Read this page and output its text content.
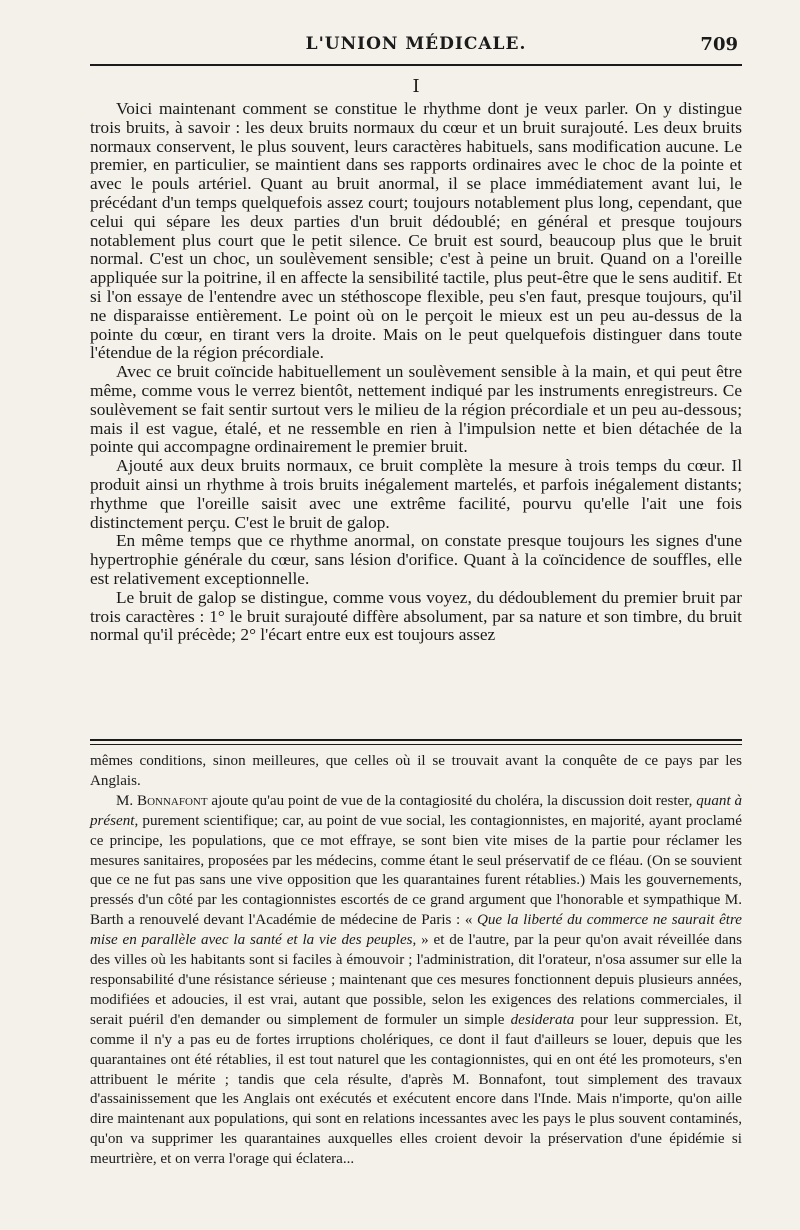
L'UNION MÉDICALE.	709
I

Voici maintenant comment se constitue le rhythme dont je veux parler. On y distingue trois bruits, à savoir : les deux bruits normaux du cœur et un bruit surajouté. Les deux bruits normaux conservent, le plus souvent, leurs caractères habituels, sans modification aucune. Le premier, en particulier, se maintient dans ses rapports ordinaires avec le choc de la pointe et avec le pouls artériel. Quant au bruit anormal, il se place immédiatement avant lui, le précédant d'un temps quelquefois assez court; toujours notablement plus long, cependant, que celui qui sépare les deux parties d'un bruit dédoublé; en général et presque toujours notablement plus court que le petit silence. Ce bruit est sourd, beaucoup plus que le bruit normal. C'est un choc, un soulèvement sensible; c'est à peine un bruit. Quand on a l'oreille appliquée sur la poitrine, il en affecte la sensibilité tactile, plus peut-être que le sens auditif. Et si l'on essaye de l'entendre avec un stéthoscope flexible, peu s'en faut, presque toujours, qu'il ne disparaisse entièrement. Le point où on le perçoit le mieux est un peu au-dessus de la pointe du cœur, en tirant vers la droite. Mais on le peut quelquefois distinguer dans toute l'étendue de la région précordiale.

Avec ce bruit coïncide habituellement un soulèvement sensible à la main, et qui peut être même, comme vous le verrez bientôt, nettement indiqué par les instruments enregistreurs. Ce soulèvement se fait sentir surtout vers le milieu de la région précordiale et un peu au-dessous; mais il est vague, étalé, et ne ressemble en rien à l'impulsion nette et bien détachée de la pointe qui accompagne ordinairement le premier bruit.

Ajouté aux deux bruits normaux, ce bruit complète la mesure à trois temps du cœur. Il produit ainsi un rhythme à trois bruits inégalement martelés, et parfois inégalement distants; rhythme que l'oreille saisit avec une extrême facilité, pourvu qu'elle l'ait une fois distinctement perçu. C'est le bruit de galop.

En même temps que ce rhythme anormal, on constate presque toujours les signes d'une hypertrophie générale du cœur, sans lésion d'orifice. Quant à la coïncidence de souffles, elle est relativement exceptionnelle.

Le bruit de galop se distingue, comme vous voyez, du dédoublement du premier bruit par trois caractères : 1° le bruit surajouté diffère absolument, par sa nature et son timbre, du bruit normal qu'il précède; 2° l'écart entre eux est toujours assez

mêmes conditions, sinon meilleures, que celles où il se trouvait avant la conquête de ce pays par les Anglais.

M. Bonnafont ajoute qu'au point de vue de la contagiosité du choléra, la discussion doit rester, quant à présent, purement scientifique; car, au point de vue social, les contagionnistes, en majorité, ayant proclamé ce principe, les populations, que ce mot effraye, se sont bien vite mises de la partie pour réclamer les mesures sanitaires, proposées par les médecins, comme étant le seul préservatif de ce fléau. (On se souvient que ce ne fut pas sans une vive opposition que les quarantaines furent rétablies.) Mais les gouvernements, pressés d'un côté par les contagionnistes escortés de ce grand argument que l'honorable et sympathique M. Barth a renouvelé devant l'Académie de médecine de Paris : « Que la liberté du commerce ne saurait être mise en parallèle avec la santé et la vie des peuples, » et de l'autre, par la peur qu'on avait réveillée dans des villes où les habitants sont si faciles à émouvoir ; l'administration, dit l'orateur, n'osa assumer sur elle la responsabilité d'une résistance sérieuse ; maintenant que ces mesures fonctionnent depuis plusieurs années, modifiées et adoucies, il est vrai, autant que possible, selon les exigences des relations commerciales, il serait puéril d'en demander ou simplement de formuler un simple desiderata pour leur suppression. Et, comme il n'y a pas eu de fortes irruptions cholériques, ce dont il faut d'ailleurs se louer, depuis que les quarantaines ont été rétablies, il est tout naturel que les contagionnistes, qui en ont été les promoteurs, s'en attribuent le mérite ; tandis que cela résulte, d'après M. Bonnafont, tout simplement des travaux d'assainissement que les Anglais ont exécutés et exécutent encore dans l'Inde. Mais n'importe, qu'on aille dire maintenant aux populations, qui sont en relations incessantes avec les pays le plus souvent contaminés, qu'on va supprimer les quarantaines auxquelles elles croient devoir la préservation d'une épidémie si meurtrière, et on verra l'orage qui éclatera...
